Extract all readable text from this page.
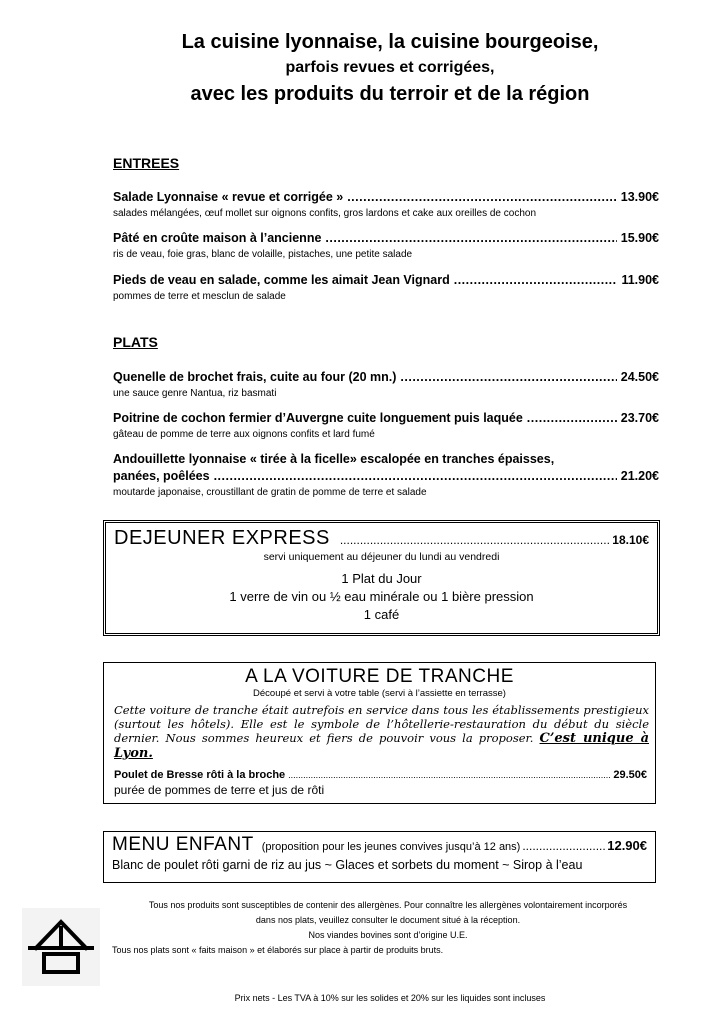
La cuisine lyonnaise, la cuisine bourgeoise,
parfois revues et corrigées,
avec les produits du terroir et de la région
ENTREES
Salade Lyonnaise « revue et corrigée » .....	13.90€
salades mélangées, œuf mollet sur oignons confits, gros lardons et cake aux oreilles de cochon
Pâté en croûte maison à l’ancienne .....	15.90€
ris de veau, foie gras, blanc de volaille, pistaches, une petite salade
Pieds de veau en salade, comme les aimait Jean Vignard .....	11.90€
pommes de terre et mesclun de salade
PLATS
Quenelle de brochet frais, cuite au four (20 mn.) .....	24.50€
une sauce genre Nantua, riz basmati
Poitrine de cochon fermier d’Auvergne cuite longuement puis laquée .....	23.70€
gâteau de pomme de terre aux oignons confits et lard fumé
Andouillette lyonnaise « tirée à la ficelle» escalopée en tranches épaisses,
panées, poêlées .....	21.20€
moutarde japonaise, croustillant de gratin de pomme de terre et salade
DEJEUNER EXPRESS .....	18.10€
servi uniquement au déjeuner du lundi au vendredi
1 Plat du Jour
1 verre de vin ou ½ eau minérale ou 1 bière pression
1 café
A LA VOITURE DE TRANCHE
Découpé et servi à votre table (servi à l’assiette en terrasse)
Cette voiture de tranche était autrefois en service dans tous les établissements prestigieux (surtout les hôtels). Elle est le symbole de l’hôtellerie-restauration du début du siècle dernier. Nous sommes heureux et fiers de pouvoir vous la proposer. C’est unique à Lyon.
Poulet de Bresse rôti à la broche .....	29.50€
purée de pommes de terre et jus de rôti
MENU ENFANT (proposition pour les jeunes convives jusqu’à 12 ans) .....	12.90€
Blanc de poulet rôti garni de riz au jus ~ Glaces et sorbets du moment ~ Sirop à l’eau
Tous nos produits sont susceptibles de contenir des allergènes. Pour connaître les allergènes volontairement incorporés
dans nos plats, veuillez consulter le document situé à la réception.
Nos viandes bovines sont d’origine U.E.
Tous nos plats sont « faits maison » et élaborés sur place à partir de produits bruts.
Prix nets - Les TVA à 10% sur les solides et 20% sur les liquides sont incluses
